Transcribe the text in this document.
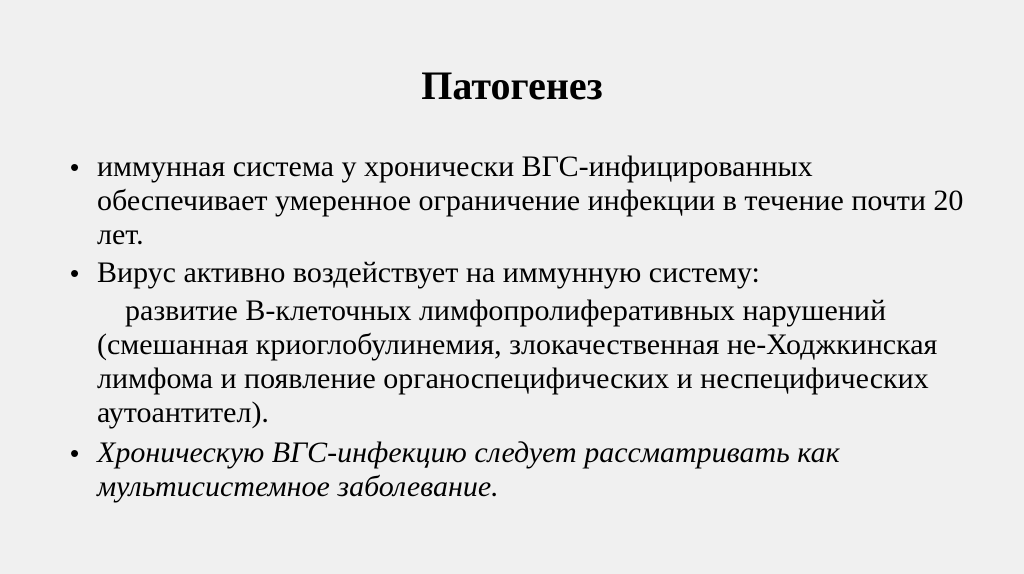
Патогенез
• иммунная система у хронически ВГС-инфицированных обеспечивает умеренное ограничение инфекции в течение почти 20 лет.
• Вирус активно воздействует на иммунную систему:
развитие В-клеточных лимфопролиферативных нарушений (смешанная криоглобулинемия, злокачественная не-Ходжкинская лимфома и появление органоспецифических и неспецифических аутоантител).
• Хроническую ВГС-инфекцию следует рассматривать как мультисистемное заболевание.
